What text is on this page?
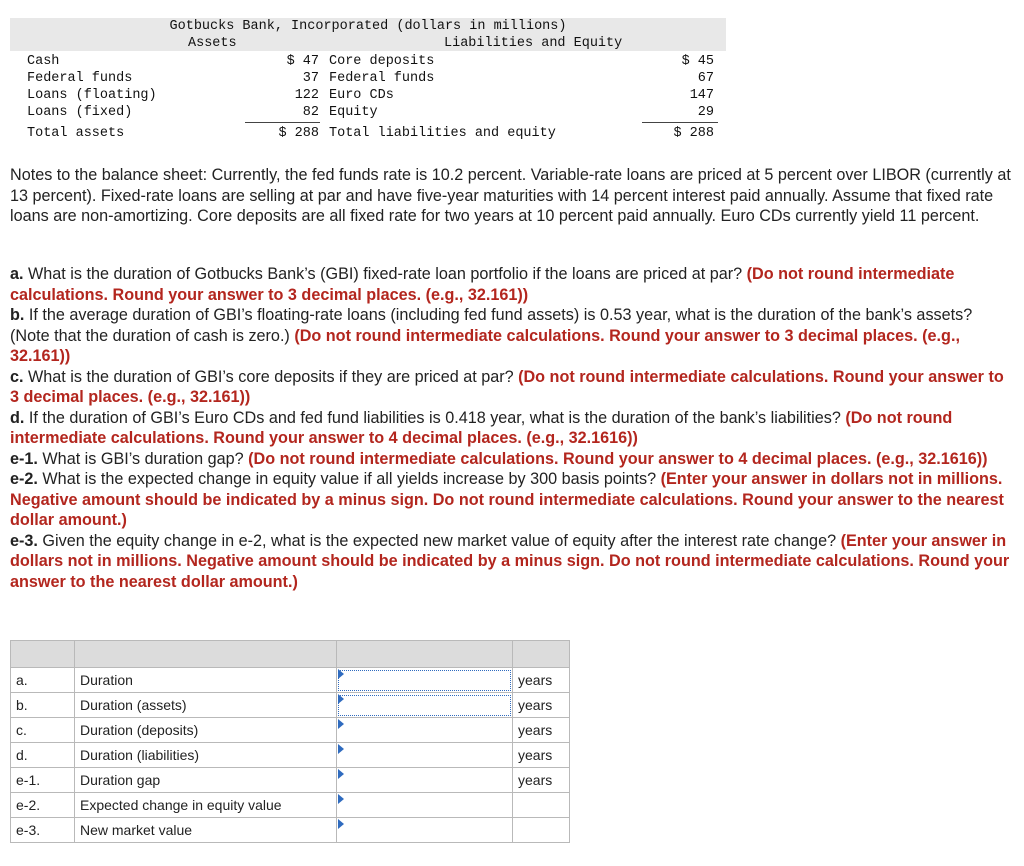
Gotbucks Bank, Incorporated (dollars in millions)
Assets	Liabilities and Equity
Cash	$ 47 Core deposits	$ 45
Federal funds	37 Federal funds	67
Loans (floating)	122 Euro CDs	147
Loans (fixed)	82 Equity	29
Total assets	$ 288 Total liabilities and equity	$ 288
Notes to the balance sheet: Currently, the fed funds rate is 10.2 percent. Variable-rate loans are priced at 5 percent over LIBOR (currently at 13 percent). Fixed-rate loans are selling at par and have five-year maturities with 14 percent interest paid annually. Assume that fixed rate loans are non-amortizing. Core deposits are all fixed rate for two years at 10 percent paid annually. Euro CDs currently yield 11 percent.

a. What is the duration of Gotbucks Bank’s (GBI) fixed-rate loan portfolio if the loans are priced at par? (Do not round intermediate calculations. Round your answer to 3 decimal places. (e.g., 32.161))

b. If the average duration of GBI’s floating-rate loans (including fed fund assets) is 0.53 year, what is the duration of the bank’s assets? (Note that the duration of cash is zero.) (Do not round intermediate calculations. Round your answer to 3 decimal places. (e.g., 32.161))

c. What is the duration of GBI’s core deposits if they are priced at par? (Do not round intermediate calculations. Round your answer to 3 decimal places. (e.g., 32.161))

d. If the duration of GBI’s Euro CDs and fed fund liabilities is 0.418 year, what is the duration of the bank’s liabilities? (Do not round intermediate calculations. Round your answer to 4 decimal places. (e.g., 32.1616))

e-1. What is GBI’s duration gap? (Do not round intermediate calculations. Round your answer to 4 decimal places. (e.g., 32.1616))

e-2. What is the expected change in equity value if all yields increase by 300 basis points? (Enter your answer in dollars not in millions. Negative amount should be indicated by a minus sign. Do not round intermediate calculations. Round your answer to the nearest dollar amount.)

e-3. Given the equity change in e-2, what is the expected new market value of equity after the interest rate change? (Enter your answer in dollars not in millions. Negative amount should be indicated by a minus sign. Do not round intermediate calculations. Round your answer to the nearest dollar amount.)

a.	Duration		years
b.	Duration (assets)		years
c.	Duration (deposits)		years
d.	Duration (liabilities)		years
e-1.	Duration gap		years
e-2.	Expected change in equity value	

e-3.	New market value	
